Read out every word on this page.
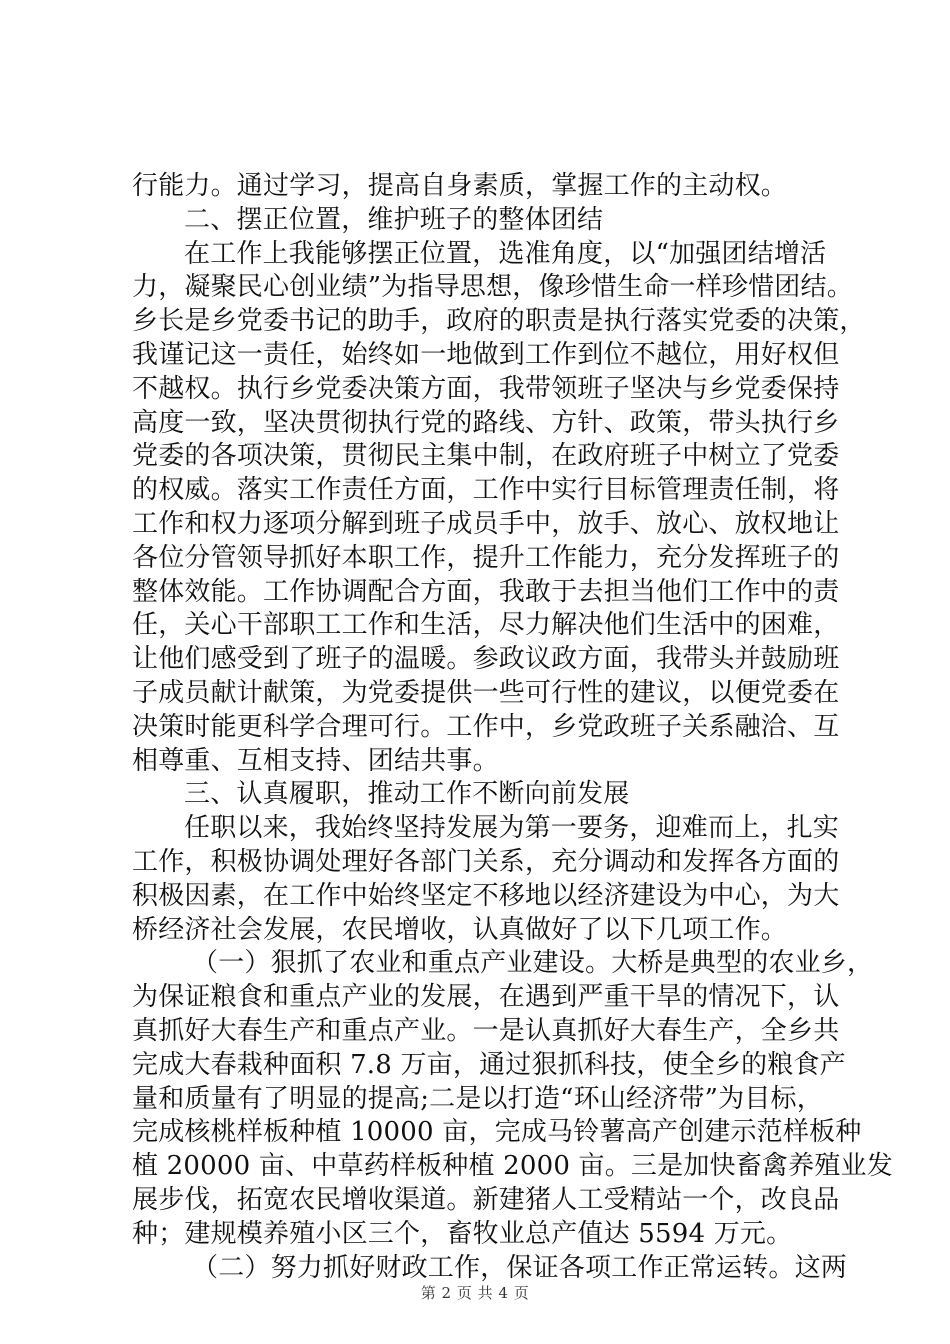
行能力。通过学习，提高自身素质，掌握工作的主动权。
二、摆正位置，维护班子的整体团结
在工作上我能够摆正位置，选准角度，以“加强团结增活
力，凝聚民心创业绩”为指导思想，像珍惜生命一样珍惜团结。
乡长是乡党委书记的助手，政府的职责是执行落实党委的决策，
我谨记这一责任，始终如一地做到工作到位不越位，用好权但
不越权。执行乡党委决策方面，我带领班子坚决与乡党委保持
高度一致，坚决贯彻执行党的路线、方针、政策，带头执行乡
党委的各项决策，贯彻民主集中制，在政府班子中树立了党委
的权威。落实工作责任方面，工作中实行目标管理责任制，将
工作和权力逐项分解到班子成员手中，放手、放心、放权地让
各位分管领导抓好本职工作，提升工作能力，充分发挥班子的
整体效能。工作协调配合方面，我敢于去担当他们工作中的责
任，关心干部职工工作和生活，尽力解决他们生活中的困难，
让他们感受到了班子的温暖。参政议政方面，我带头并鼓励班
子成员献计献策，为党委提供一些可行性的建议，以便党委在
决策时能更科学合理可行。工作中，乡党政班子关系融洽、互
相尊重、互相支持、团结共事。
三、认真履职，推动工作不断向前发展
任职以来，我始终坚持发展为第一要务，迎难而上，扎实
工作，积极协调处理好各部门关系，充分调动和发挥各方面的
积极因素，在工作中始终坚定不移地以经济建设为中心，为大
桥经济社会发展，农民增收，认真做好了以下几项工作。
（一）狠抓了农业和重点产业建设。大桥是典型的农业乡，
为保证粮食和重点产业的发展，在遇到严重干旱的情况下，认
真抓好大春生产和重点产业。一是认真抓好大春生产，全乡共
完成大春栽种面积 7.8 万亩，通过狠抓科技，使全乡的粮食产
量和质量有了明显的提高;二是以打造“环山经济带”为目标，
完成核桃样板种植 10000 亩，完成马铃薯高产创建示范样板种
植 20000 亩、中草药样板种植 2000 亩。三是加快畜禽养殖业发
展步伐，拓宽农民增收渠道。新建猪人工受精站一个，改良品
种；建规模养殖小区三个，畜牧业总产值达 5594 万元。
（二）努力抓好财政工作，保证各项工作正常运转。这两
第 2 页 共 4 页
